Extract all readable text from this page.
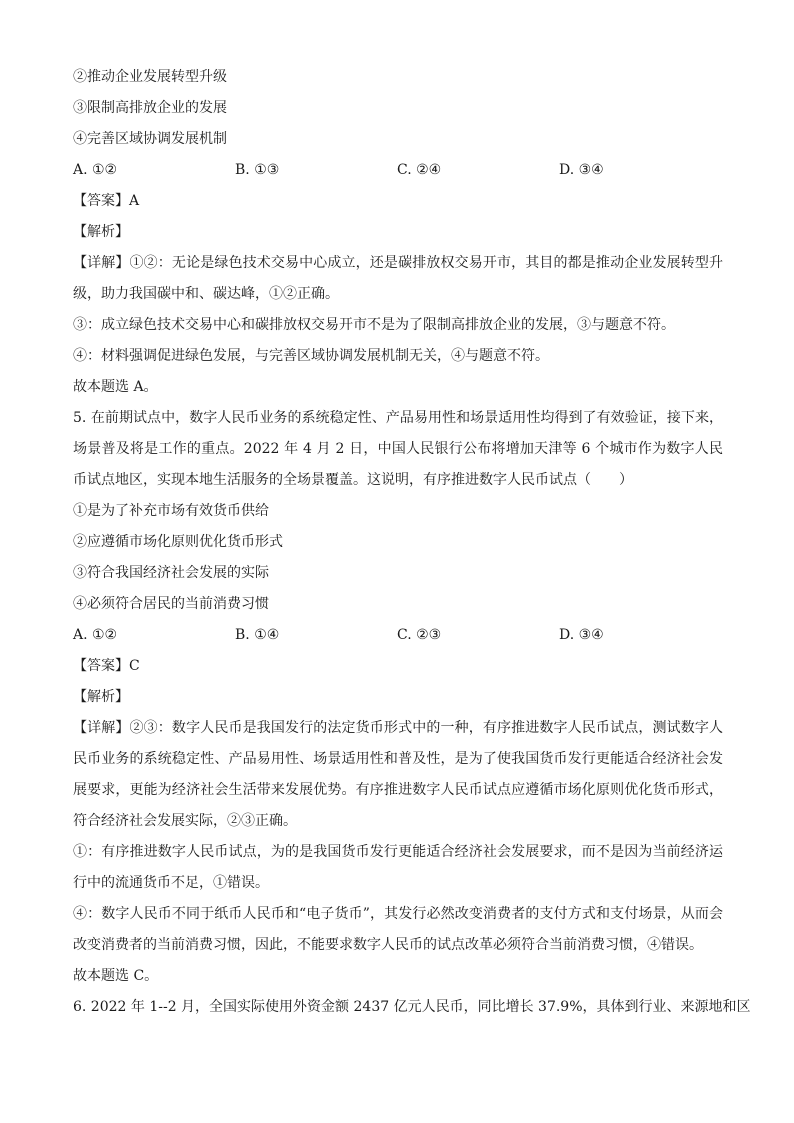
②推动企业发展转型升级
③限制高排放企业的发展
④完善区域协调发展机制
A. ①②	B. ①③	C. ②④	D. ③④
【答案】A
【解析】
【详解】①②：无论是绿色技术交易中心成立，还是碳排放权交易开市，其目的都是推动企业发展转型升级，助力我国碳中和、碳达峰，①②正确。
③：成立绿色技术交易中心和碳排放权交易开市不是为了限制高排放企业的发展，③与题意不符。
④：材料强调促进绿色发展，与完善区域协调发展机制无关，④与题意不符。
故本题选 A。
5. 在前期试点中，数字人民币业务的系统稳定性、产品易用性和场景适用性均得到了有效验证，接下来，场景普及将是工作的重点。2022 年 4 月 2 日，中国人民银行公布将增加天津等 6 个城市作为数字人民币试点地区，实现本地生活服务的全场景覆盖。这说明，有序推进数字人民币试点（　　）
①是为了补充市场有效货币供给
②应遵循市场化原则优化货币形式
③符合我国经济社会发展的实际
④必须符合居民的当前消费习惯
A. ①②	B. ①④	C. ②③	D. ③④
【答案】C
【解析】
【详解】②③：数字人民币是我国发行的法定货币形式中的一种，有序推进数字人民币试点，测试数字人民币业务的系统稳定性、产品易用性、场景适用性和普及性，是为了使我国货币发行更能适合经济社会发展要求，更能为经济社会生活带来发展优势。有序推进数字人民币试点应遵循市场化原则优化货币形式，符合经济社会发展实际，②③正确。
①：有序推进数字人民币试点，为的是我国货币发行更能适合经济社会发展要求，而不是因为当前经济运行中的流通货币不足，①错误。
④：数字人民币不同于纸币人民币和“电子货币”，其发行必然改变消费者的支付方式和支付场景，从而会改变消费者的当前消费习惯，因此，不能要求数字人民币的试点改革必须符合当前消费习惯，④错误。
故本题选 C。
6. 2022 年 1--2 月，全国实际使用外资金额 2437 亿元人民币，同比增长 37.9%，具体到行业、来源地和区
